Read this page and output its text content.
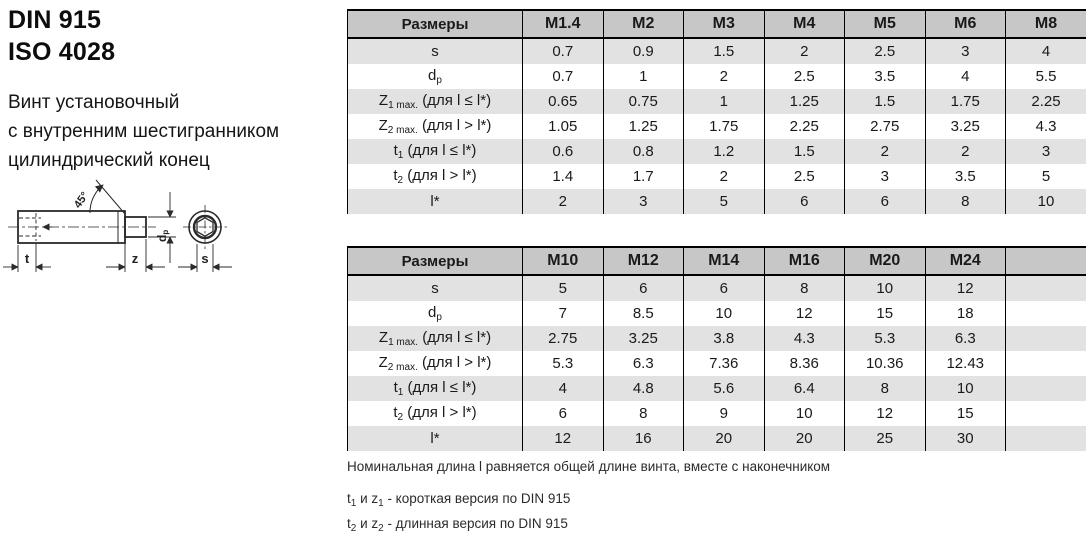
DIN 915
ISO 4028
Винт установочный
с внутренним шестигранником
цилиндрический конец
45°
t	z
dp
s
Размеры	M1.4	M2	M3	M4	M5	M6	M8
s	0.7	0.9	1.5	2	2.5	3	4
$d_p$	0.7	1	2	2.5	3.5	4	5.5
$Z_{1 max.}$ (для l ≤ l*)	0.65	0.75	1	1.25	1.5	1.75	2.25
$Z_{2 max.}$ (для l > l*)	1.05	1.25	1.75	2.25	2.75	3.25	4.3
$t_1$ (для l ≤ l*)	0.6	0.8	1.2	1.5	2	2	3
$t_2$ (для l > l*)	1.4	1.7	2	2.5	3	3.5	5
l*	2	3	5	6	6	8	10
Размеры	M10	M12	M14	M16	M20	M24	
s	5	6	6	8	10	12	
$d_p$	7	8.5	10	12	15	18	
$Z_{1 max.}$ (для l ≤ l*)	2.75	3.25	3.8	4.3	5.3	6.3	
$Z_{2 max.}$ (для l > l*)	5.3	6.3	7.36	8.36	10.36	12.43	
$t_1$ (для l ≤ l*)	4	4.8	5.6	6.4	8	10	
$t_2$ (для l > l*)	6	8	9	10	12	15	
l*	12	16	20	20	25	30	
Номинальная длина l равняется общей длине винта, вместе с наконечником
$t_1$ и $z_1$ - короткая версия по DIN 915
$t_2$ и $z_2$ - длинная версия по DIN 915
